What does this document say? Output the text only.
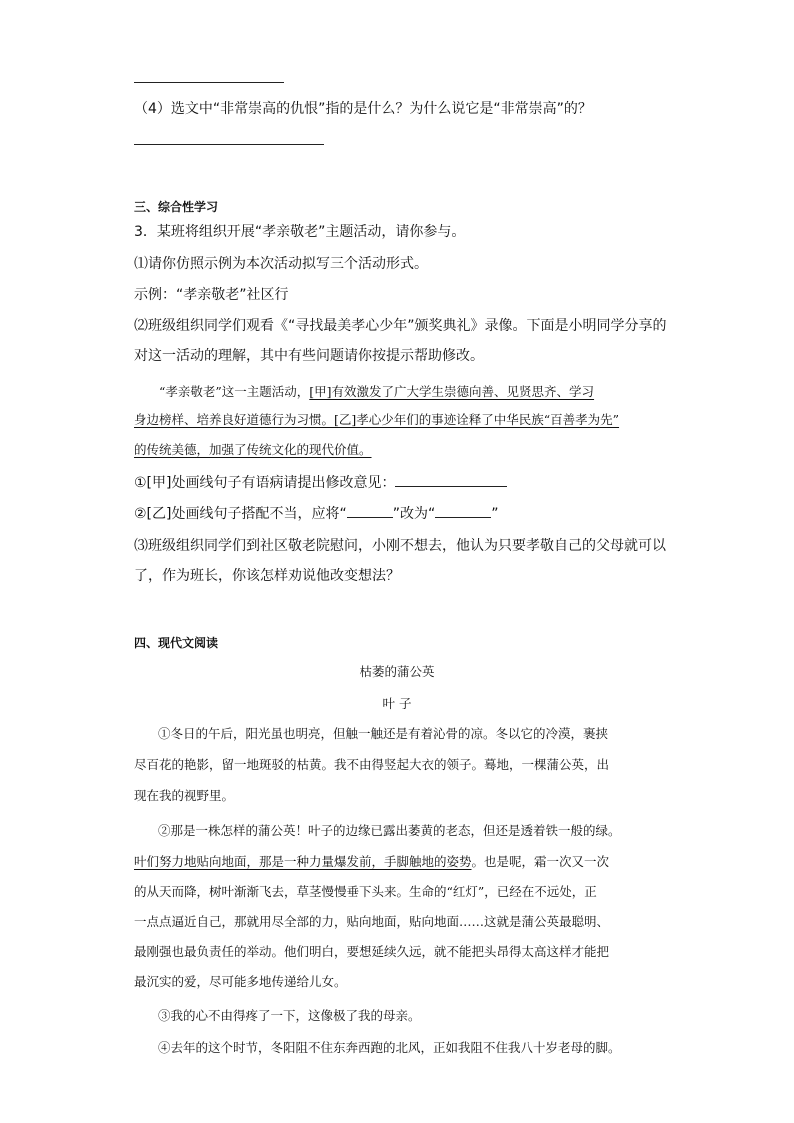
（4）选文中“非常崇高的仇恨”指的是什么？为什么说它是“非常崇高”的？
三、综合性学习
3．某班将组织开展“孝亲敬老”主题活动，请你参与。
⑴请你仿照示例为本次活动拟写三个活动形式。
示例：“孝亲敬老”社区行
⑵班级组织同学们观看《“寻找最美孝心少年”颁奖典礼》录像。下面是小明同学分享的
对这一活动的理解，其中有些问题请你按提示帮助修改。
“孝亲敬老”这一主题活动，[甲]有效激发了广大学生崇德向善、见贤思齐、学习
身边榜样、培养良好道德行为习惯。[乙]孝心少年们的事迹诠释了中华民族“百善孝为先”
的传统美德，加强了传统文化的现代价值。
①[甲]处画线句子有语病请提出修改意见：
②[乙]处画线句子搭配不当，应将“	”改为“	”
⑶班级组织同学们到社区敬老院慰问，小刚不想去，他认为只要孝敬自己的父母就可以
了，作为班长，你该怎样劝说他改变想法？
四、现代文阅读
枯萎的蒲公英
叶 子
①冬日的午后，阳光虽也明亮，但触一触还是有着沁骨的凉。冬以它的冷漠，裹挟
尽百花的艳影，留一地斑驳的枯黄。我不由得竖起大衣的领子。蓦地，一棵蒲公英，出
现在我的视野里。
②那是一株怎样的蒲公英！叶子的边缘已露出萎黄的老态，但还是透着铁一般的绿。
叶们努力地贴向地面，那是一种力量爆发前，手脚触地的姿势。也是呢，霜一次又一次
的从天而降，树叶渐渐飞去，草茎慢慢垂下头来。生命的“红灯”，已经在不远处，正
一点点逼近自己，那就用尽全部的力，贴向地面，贴向地面……这就是蒲公英最聪明、
最刚强也最负责任的举动。他们明白，要想延续久远，就不能把头昂得太高这样才能把
最沉实的爱，尽可能多地传递给儿女。
③我的心不由得疼了一下，这像极了我的母亲。
④去年的这个时节，冬阳阻不住东奔西跑的北风，正如我阻不住我八十岁老母的脚。
